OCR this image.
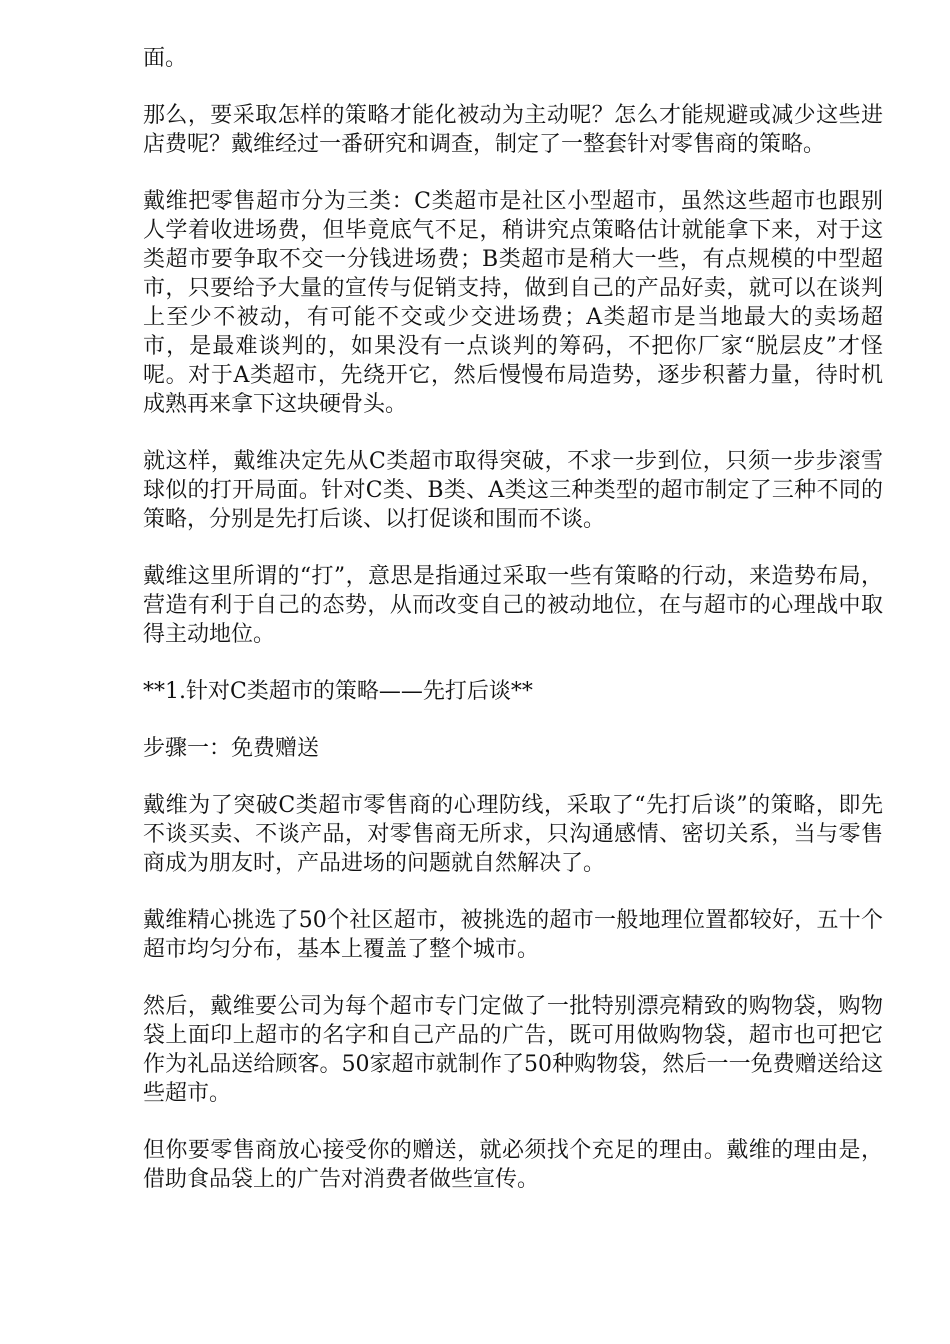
面。

那么，要采取怎样的策略才能化被动为主动呢？怎么才能规避或减少这些进店费呢？戴维经过一番研究和调查，制定了一整套针对零售商的策略。

戴维把零售超市分为三类：C类超市是社区小型超市，虽然这些超市也跟别人学着收进场费，但毕竟底气不足，稍讲究点策略估计就能拿下来，对于这类超市要争取不交一分钱进场费；B类超市是稍大一些，有点规模的中型超市，只要给予大量的宣传与促销支持，做到自己的产品好卖，就可以在谈判上至少不被动，有可能不交或少交进场费；A类超市是当地最大的卖场超市，是最难谈判的，如果没有一点谈判的筹码，不把你厂家“脱层皮”才怪呢。对于A类超市，先绕开它，然后慢慢布局造势，逐步积蓄力量，待时机成熟再来拿下这块硬骨头。

就这样，戴维决定先从C类超市取得突破，不求一步到位，只须一步步滚雪球似的打开局面。针对C类、B类、A类这三种类型的超市制定了三种不同的策略，分别是先打后谈、以打促谈和围而不谈。

戴维这里所谓的“打”，意思是指通过采取一些有策略的行动，来造势布局，营造有利于自己的态势，从而改变自己的被动地位，在与超市的心理战中取得主动地位。

**1.针对C类超市的策略——先打后谈**

步骤一：免费赠送

戴维为了突破C类超市零售商的心理防线，采取了“先打后谈”的策略，即先不谈买卖、不谈产品，对零售商无所求，只沟通感情、密切关系，当与零售商成为朋友时，产品进场的问题就自然解决了。

戴维精心挑选了50个社区超市，被挑选的超市一般地理位置都较好，五十个超市均匀分布，基本上覆盖了整个城市。

然后，戴维要公司为每个超市专门定做了一批特别漂亮精致的购物袋，购物袋上面印上超市的名字和自己产品的广告，既可用做购物袋，超市也可把它作为礼品送给顾客。50家超市就制作了50种购物袋，然后一一免费赠送给这些超市。

但你要零售商放心接受你的赠送，就必须找个充足的理由。戴维的理由是，借助食品袋上的广告对消费者做些宣传。
